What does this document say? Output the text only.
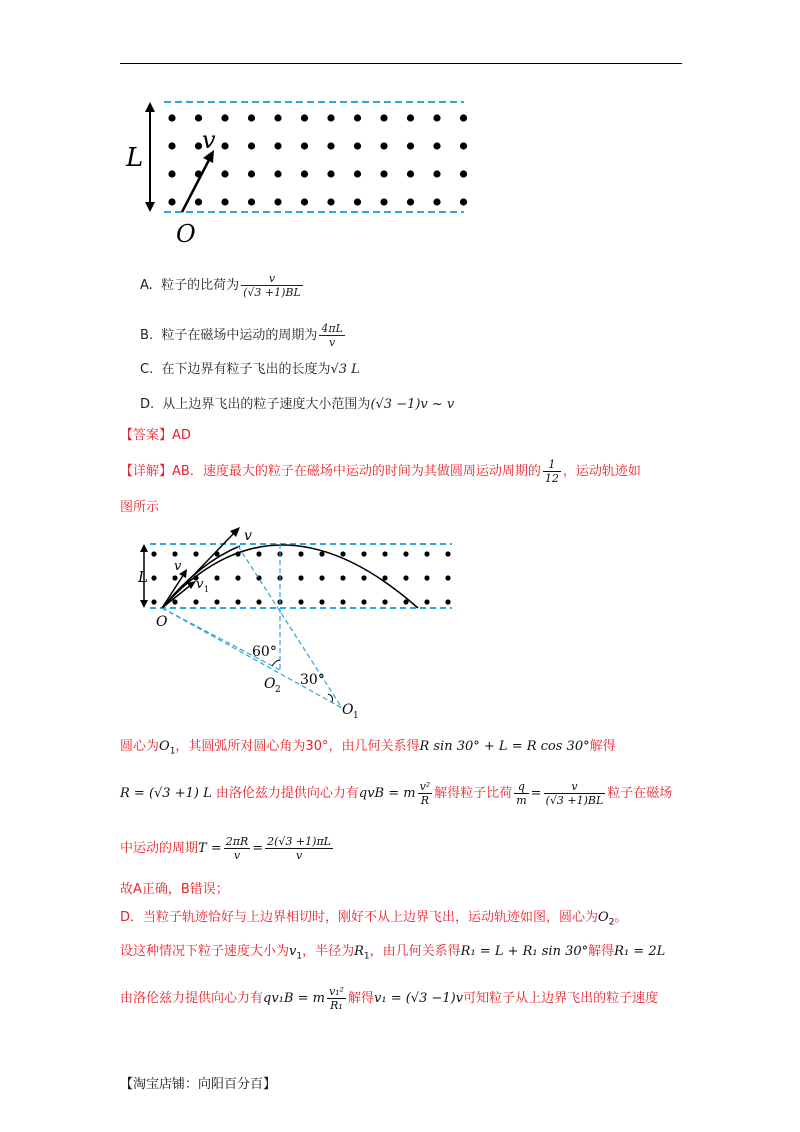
L
v
O
A. 粒子的比荷为 $\frac{v}{(√3 +1)BL}$
B. 粒子在磁场中运动的周期为 $\frac{4\pi L}{v}$
C. 在下边界有粒子飞出的长度为√3 L
D. 从上边界飞出的粒子速度大小范围为(√3 −1)v ~ v
【答案】AD
【详解】AB．速度最大的粒子在磁场中运动的时间为其做圆周运动周期的 $\frac{1}{12}$ ，运动轨迹如
图所示
L
v
v
v 1
O
60°
30°
O 2
O 1
圆心为$O_1$，其圆弧所对圆心角为30°，由几何关系得R sin 30° + L = R cos 30°解得
R = (√3 +1) L 由洛伦兹力提供向心力有qvB = m $\frac{\text{v²}}{R}$ 解得粒子比荷 $\frac{q}{m} = \frac{v}{(√3 +1)BL}$ 粒子在磁场
中运动的周期$T = \frac{2\pi R}{v} = \frac{2(√3 +1)\pi L}{v}$
故A正确，B错误；
D．当粒子轨迹恰好与上边界相切时，刚好不从上边界飞出，运动轨迹如图，圆心为$O_2$。
设这种情况下粒子速度大小为$v_1$，半径为$R_1$，由几何关系得R₁ = L + R₁ sin 30°解得R₁ = 2L
由洛伦兹力提供向心力有qv₁B = m $\frac{\text{v₁²}}{\text{R₁}}$ 解得v₁ = (√3 −1)v可知粒子从上边界飞出的粒子速度
【淘宝店铺：向阳百分百】
